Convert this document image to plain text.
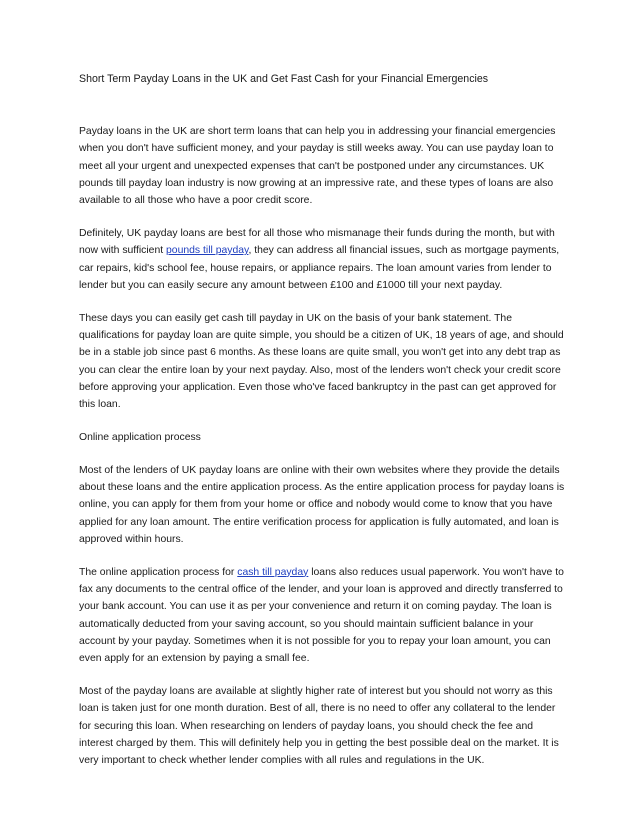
Short Term Payday Loans in the UK and Get Fast Cash for your Financial Emergencies

Payday loans in the UK are short term loans that can help you in addressing your financial emergencies when you don't have sufficient money, and your payday is still weeks away. You can use payday loan to meet all your urgent and unexpected expenses that can't be postponed under any circumstances. UK pounds till payday loan industry is now growing at an impressive rate, and these types of loans are also available to all those who have a poor credit score.

Definitely, UK payday loans are best for all those who mismanage their funds during the month, but with now with sufficient pounds till payday, they can address all financial issues, such as mortgage payments, car repairs, kid's school fee, house repairs, or appliance repairs. The loan amount varies from lender to lender but you can easily secure any amount between £100 and £1000 till your next payday.

These days you can easily get cash till payday in UK on the basis of your bank statement. The qualifications for payday loan are quite simple, you should be a citizen of UK, 18 years of age, and should be in a stable job since past 6 months. As these loans are quite small, you won't get into any debt trap as you can clear the entire loan by your next payday. Also, most of the lenders won't check your credit score before approving your application. Even those who've faced bankruptcy in the past can get approved for this loan.

Online application process

Most of the lenders of UK payday loans are online with their own websites where they provide the details about these loans and the entire application process. As the entire application process for payday loans is online, you can apply for them from your home or office and nobody would come to know that you have applied for any loan amount. The entire verification process for application is fully automated, and loan is approved within hours.

The online application process for cash till payday loans also reduces usual paperwork. You won't have to fax any documents to the central office of the lender, and your loan is approved and directly transferred to your bank account. You can use it as per your convenience and return it on coming payday. The loan is automatically deducted from your saving account, so you should maintain sufficient balance in your account by your payday. Sometimes when it is not possible for you to repay your loan amount, you can even apply for an extension by paying a small fee.

Most of the payday loans are available at slightly higher rate of interest but you should not worry as this loan is taken just for one month duration. Best of all, there is no need to offer any collateral to the lender for securing this loan. When researching on lenders of payday loans, you should check the fee and interest charged by them. This will definitely help you in getting the best possible deal on the market. It is very important to check whether lender complies with all rules and regulations in the UK.
